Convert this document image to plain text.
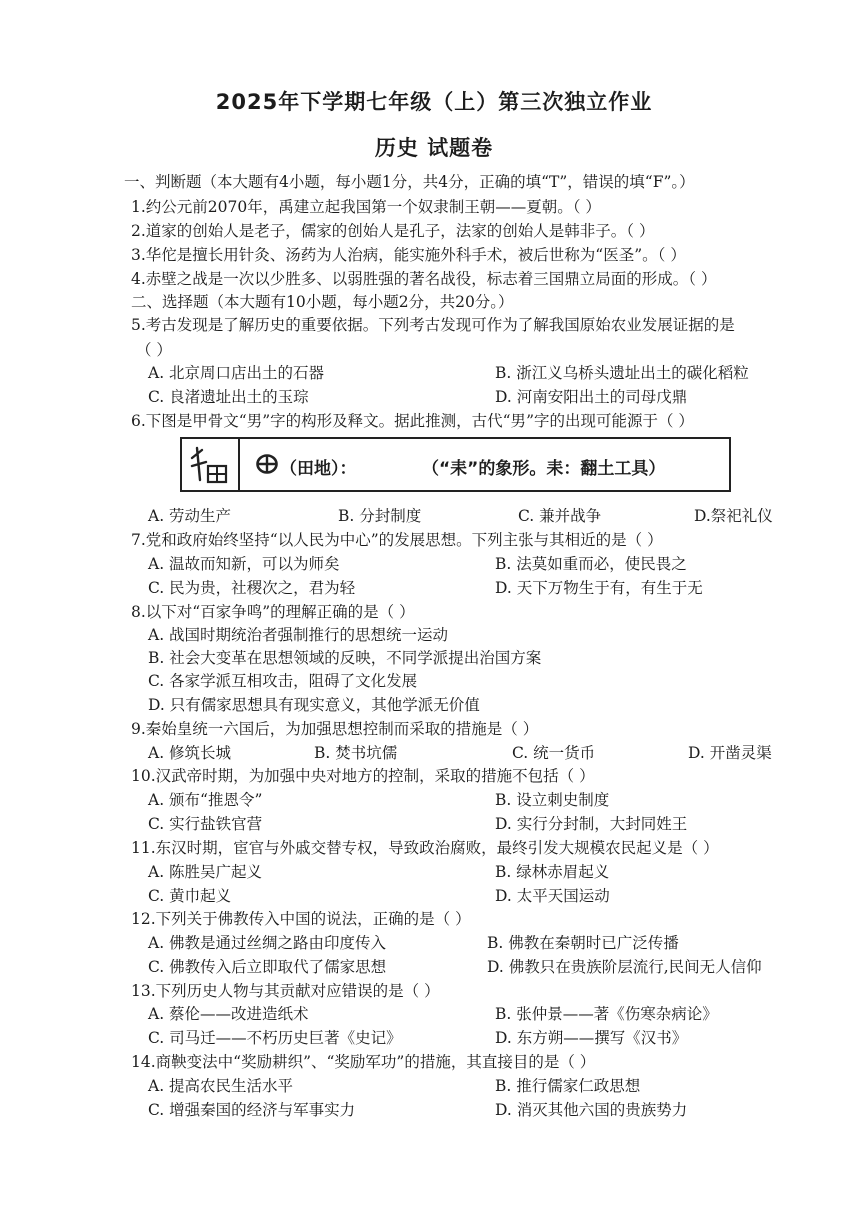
2025年下学期七年级（上）第三次独立作业
历史 试题卷
一、判断题（本大题有4小题，每小题1分，共4分，正确的填“T”，错误的填“F”。）
1.约公元前2070年，禹建立起我国第一个奴隶制王朝——夏朝。（ ）
2.道家的创始人是老子，儒家的创始人是孔子，法家的创始人是韩非子。（ ）
3.华佗是擅长用针灸、汤药为人治病，能实施外科手术，被后世称为“医圣”。（ ）
4.赤壁之战是一次以少胜多、以弱胜强的著名战役，标志着三国鼎立局面的形成。（ ）
二、选择题（本大题有10小题，每小题2分，共20分。）
5.考古发现是了解历史的重要依据。下列考古发现可作为了解我国原始农业发展证据的是
（ ）
A. 北京周口店出土的石器	B. 浙江义乌桥头遗址出土的碳化稻粒
C. 良渚遗址出土的玉琮	D. 河南安阳出土的司母戊鼎
6.下图是甲骨文“男”字的构形及释文。据此推测，古代“男”字的出现可能源于（ ）
（田地）：	（“耒”的象形。耒：翻土工具）
A. 劳动生产	B. 分封制度	C. 兼并战争	D.祭祀礼仪
7.党和政府始终坚持“以人民为中心”的发展思想。下列主张与其相近的是（ ）
A. 温故而知新，可以为师矣	B. 法莫如重而必，使民畏之
C. 民为贵，社稷次之，君为轻	D. 天下万物生于有，有生于无
8.以下对“百家争鸣”的理解正确的是（ ）
A. 战国时期统治者强制推行的思想统一运动
B. 社会大变革在思想领域的反映，不同学派提出治国方案
C. 各家学派互相攻击，阻碍了文化发展
D. 只有儒家思想具有现实意义，其他学派无价值
9.秦始皇统一六国后，为加强思想控制而采取的措施是（ ）
A. 修筑长城	B. 焚书坑儒	C. 统一货币	D. 开凿灵渠
10.汉武帝时期，为加强中央对地方的控制，采取的措施不包括（ ）
A. 颁布“推恩令”	B. 设立刺史制度
C. 实行盐铁官营	D. 实行分封制，大封同姓王
11.东汉时期，宦官与外戚交替专权，导致政治腐败，最终引发大规模农民起义是（ ）
A. 陈胜吴广起义	B. 绿林赤眉起义
C. 黄巾起义	D. 太平天国运动
12.下列关于佛教传入中国的说法，正确的是（ ）
A. 佛教是通过丝绸之路由印度传入	B. 佛教在秦朝时已广泛传播
C. 佛教传入后立即取代了儒家思想	D. 佛教只在贵族阶层流行,民间无人信仰
13.下列历史人物与其贡献对应错误的是（ ）
A. 蔡伦——改进造纸术	B. 张仲景——著《伤寒杂病论》
C. 司马迁——不朽历史巨著《史记》	D. 东方朔——撰写《汉书》
14.商鞅变法中“奖励耕织”、“奖励军功”的措施，其直接目的是（ ）
A. 提高农民生活水平	B. 推行儒家仁政思想
C. 增强秦国的经济与军事实力	D. 消灭其他六国的贵族势力
